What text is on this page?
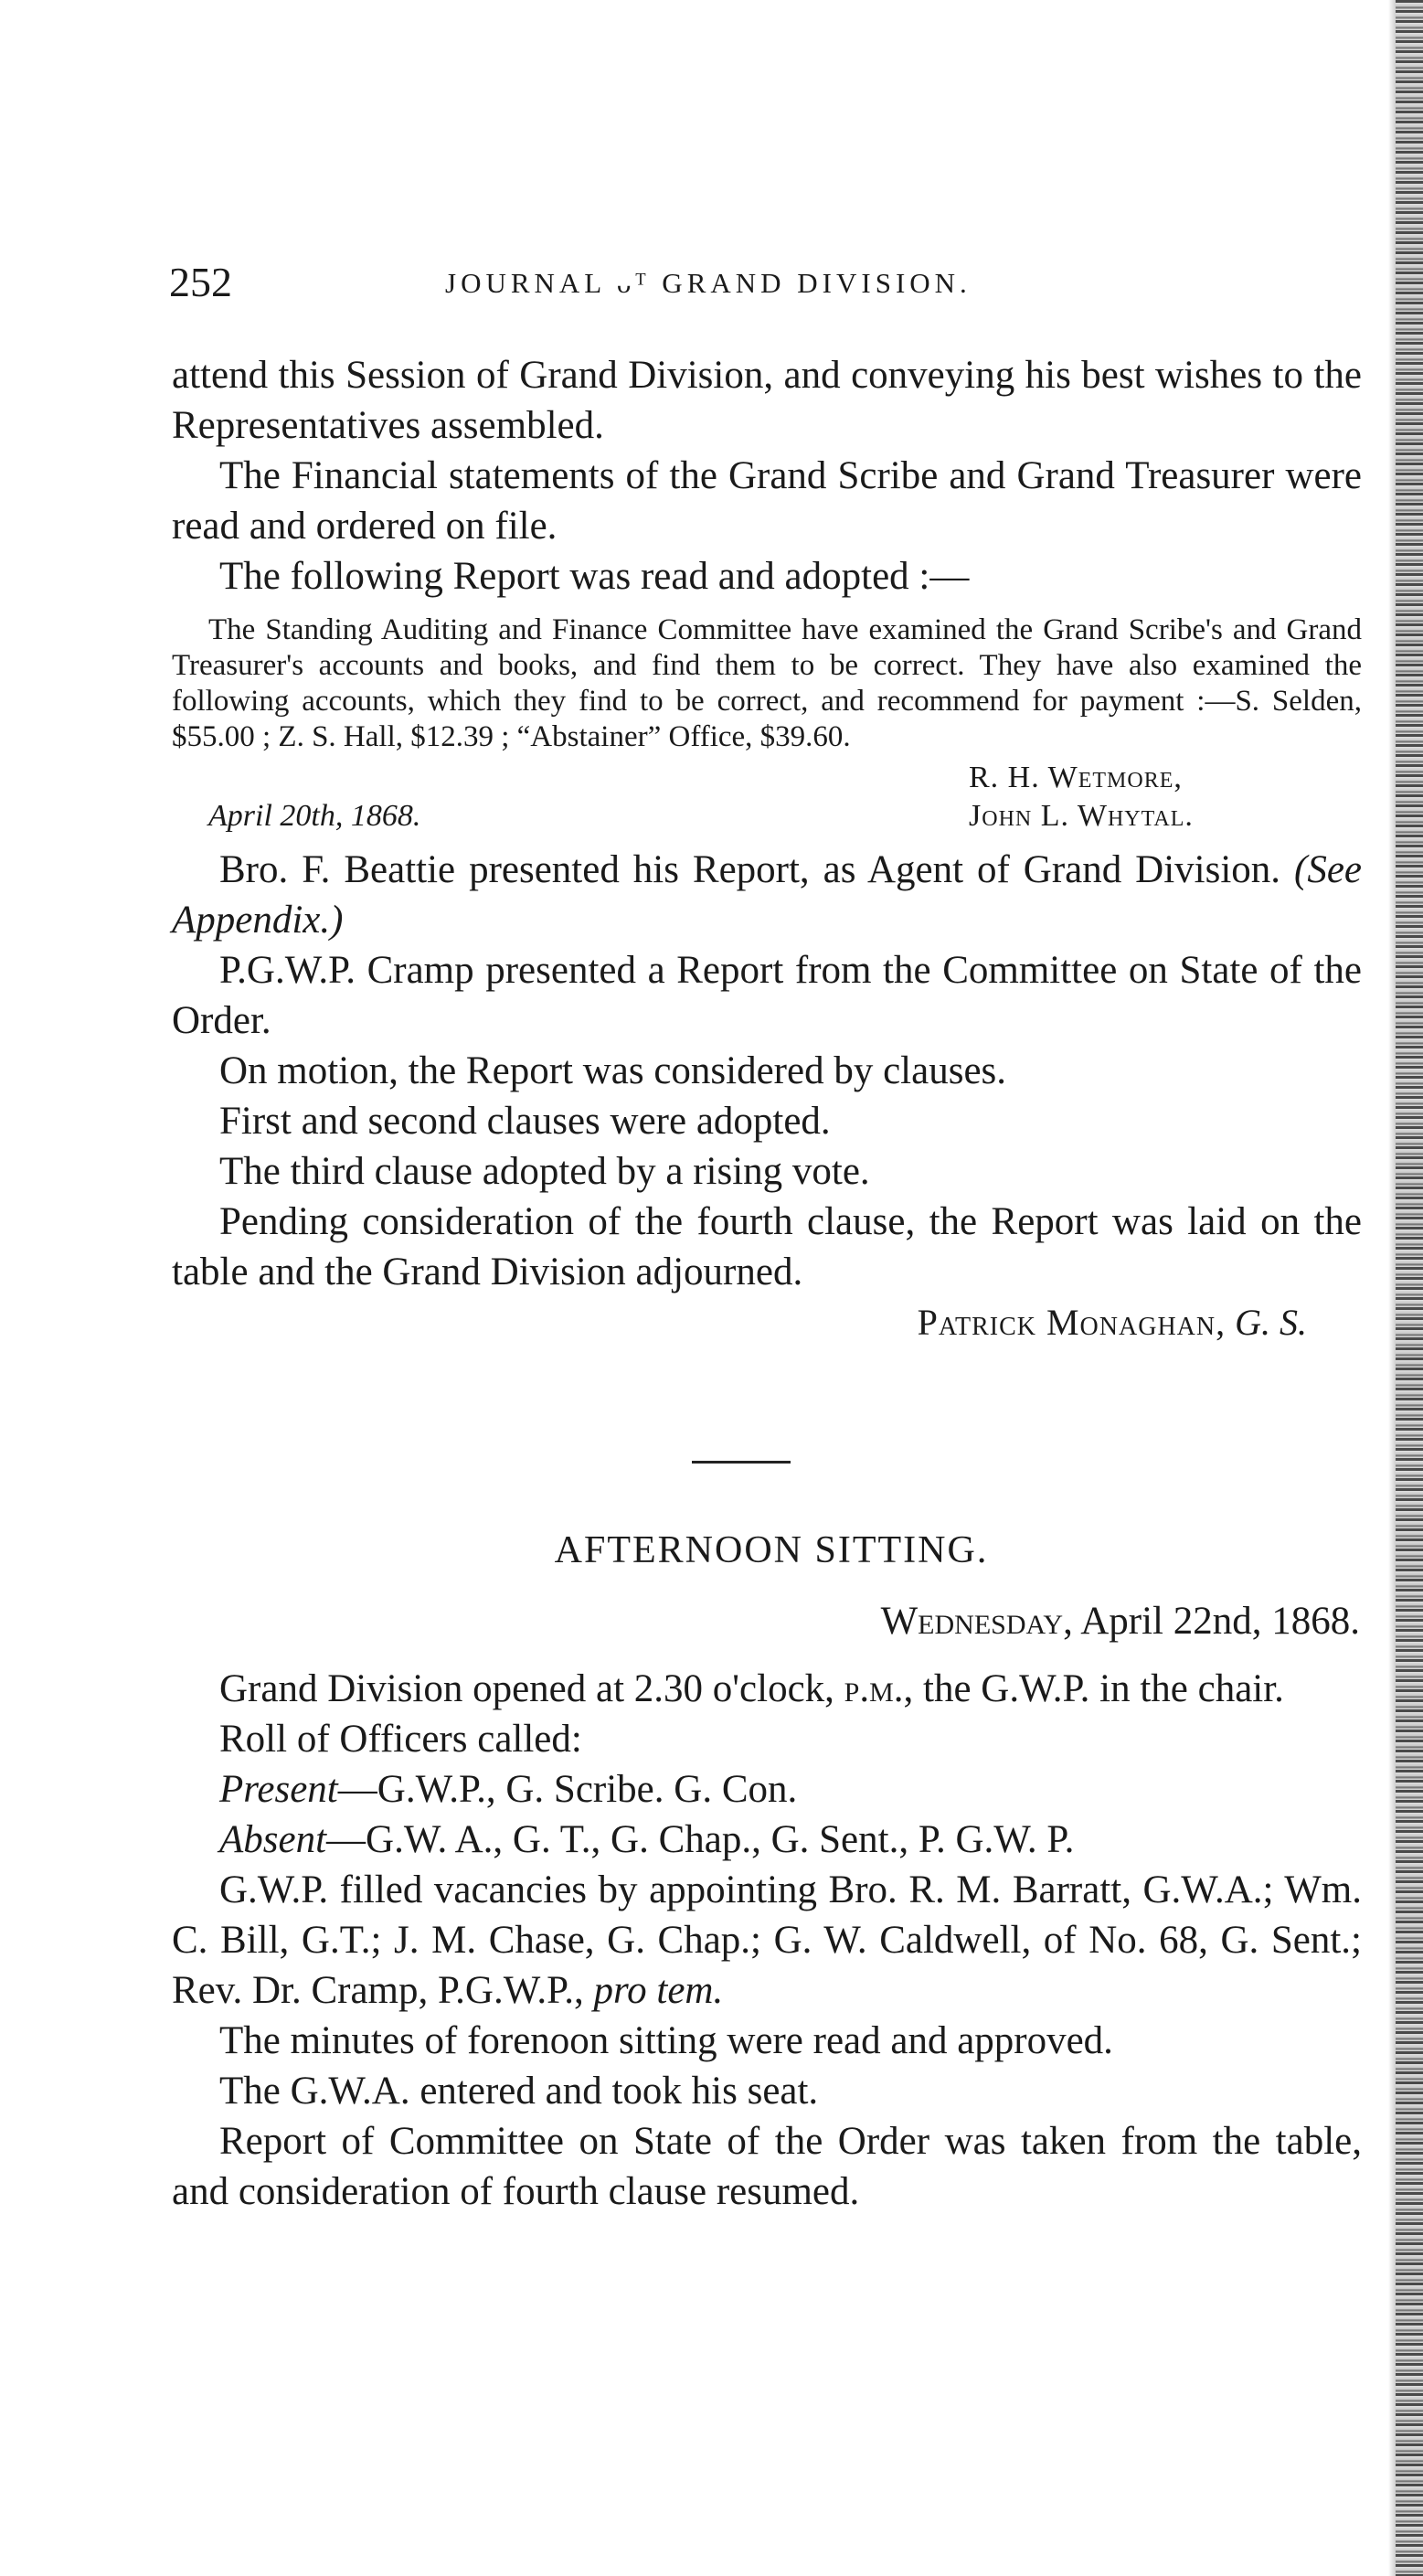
252	JOURNAL ᴗᵀ GRAND DIVISION.

attend this Session of Grand Division, and conveying his best wishes to the Representatives assembled.

The Financial statements of the Grand Scribe and Grand Treasurer were read and ordered on file.

The following Report was read and adopted :—

The Standing Auditing and Finance Committee have examined the Grand Scribe's and Grand Treasurer's accounts and books, and find them to be correct. They have also examined the following accounts, which they find to be correct, and recommend for payment :—S. Selden, $55.00 ; Z. S. Hall, $12.39 ; “Abstainer” Office, $39.60.

R. H. Wetmore,
April 20th, 1868.	John L. Whytal.

Bro. F. Beattie presented his Report, as Agent of Grand Division. (See Appendix.)

P.G.W.P. Cramp presented a Report from the Committee on State of the Order.

On motion, the Report was considered by clauses.

First and second clauses were adopted.

The third clause adopted by a rising vote.

Pending consideration of the fourth clause, the Report was laid on the table and the Grand Division adjourned.

Patrick Monaghan, G. S.
AFTERNOON SITTING.
Wednesday, April 22nd, 1868.

Grand Division opened at 2.30 o'clock, p.m., the G.W.P. in the chair.

Roll of Officers called:

Present—G.W.P., G. Scribe. G. Con.

Absent—G.W. A., G. T., G. Chap., G. Sent., P. G.W. P.

G.W.P. filled vacancies by appointing Bro. R. M. Barratt, G.W.A.; Wm. C. Bill, G.T.; J. M. Chase, G. Chap.; G. W. Caldwell, of No. 68, G. Sent.; Rev. Dr. Cramp, P.G.W.P., pro tem.

The minutes of forenoon sitting were read and approved.

The G.W.A. entered and took his seat.

Report of Committee on State of the Order was taken from the table, and consideration of fourth clause resumed.
